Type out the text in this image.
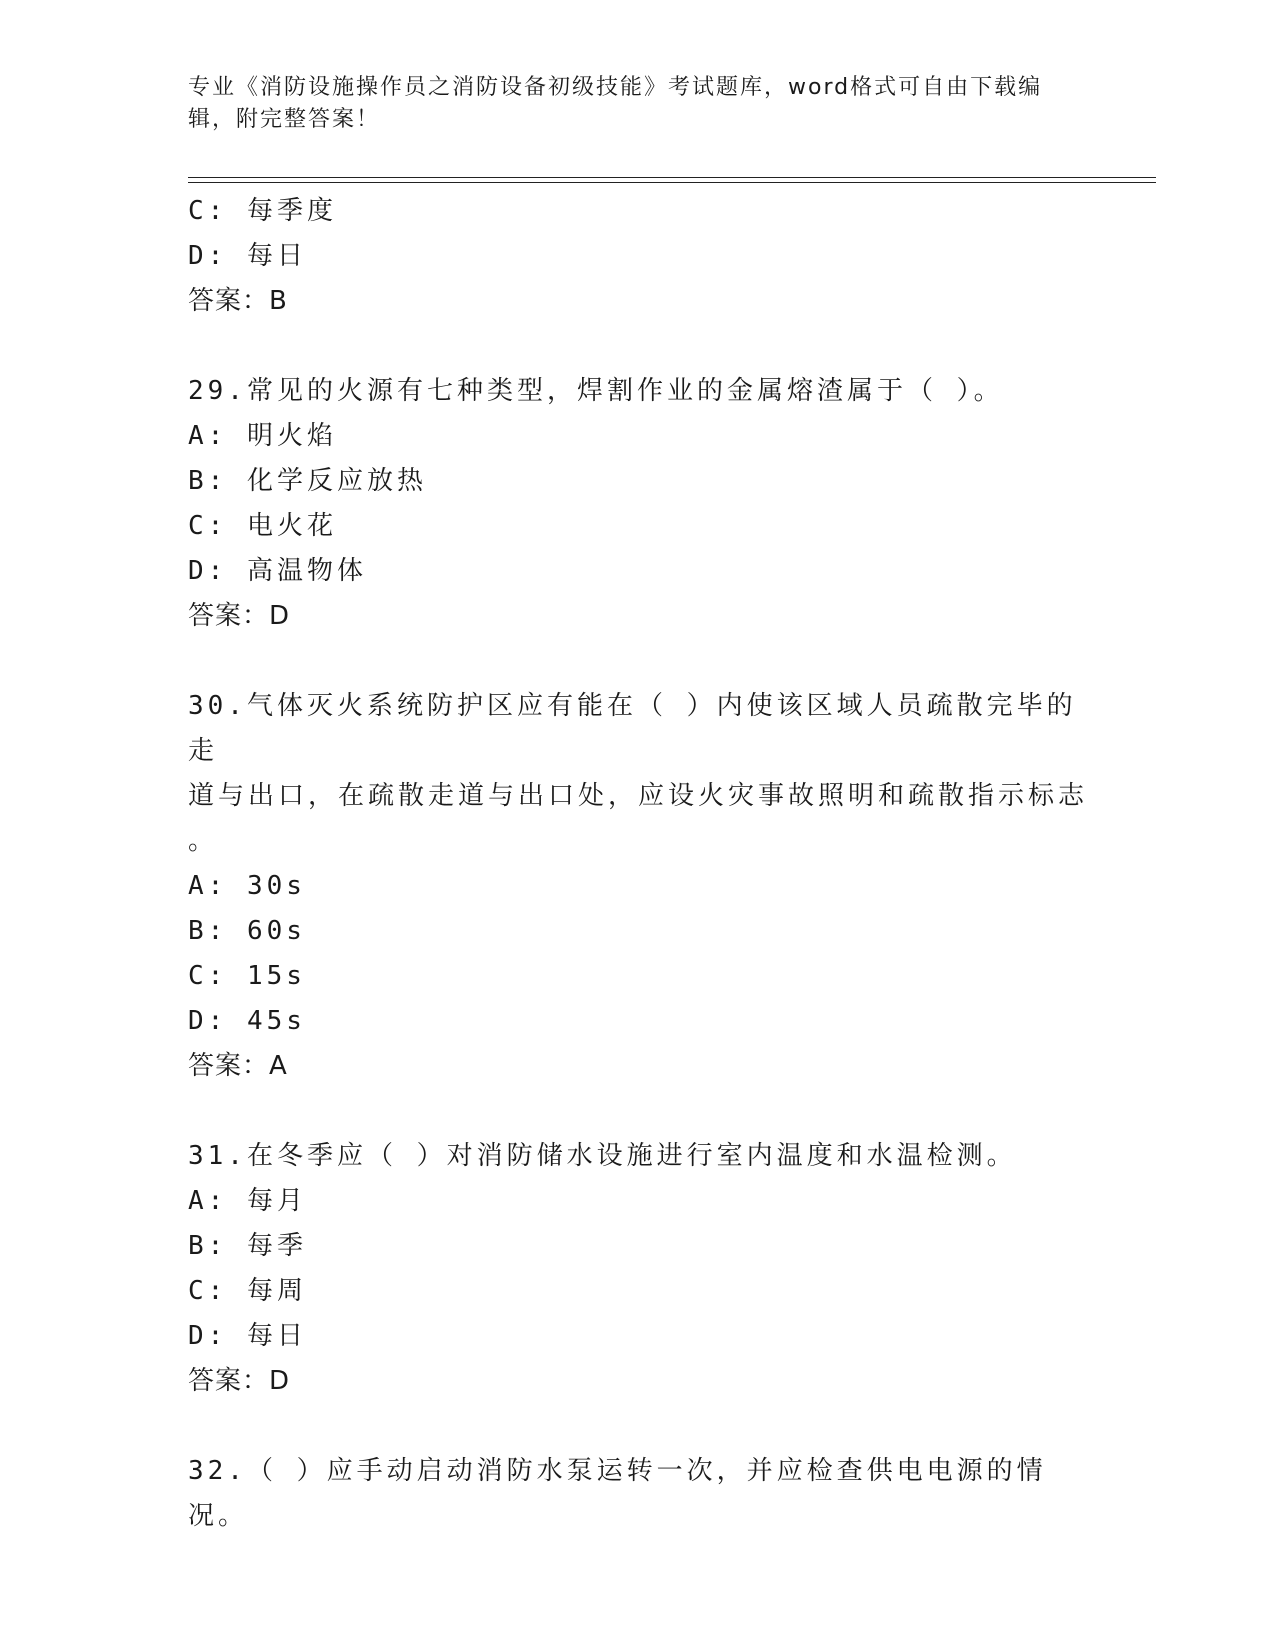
专业《消防设施操作员之消防设备初级技能》考试题库，word格式可自由下载编
辑，附完整答案！
C: 每季度
D: 每日
答案：B
29.常见的火源有七种类型，焊割作业的金属熔渣属于（ ）。
A: 明火焰
B: 化学反应放热
C: 电火花
D: 高温物体
答案：D
30.气体灭火系统防护区应有能在（ ）内使该区域人员疏散完毕的走
道与出口，在疏散走道与出口处，应设火灾事故照明和疏散指示标志
。
A: 30s
B: 60s
C: 15s
D: 45s
答案：A
31.在冬季应（ ）对消防储水设施进行室内温度和水温检测。
A: 每月
B: 每季
C: 每周
D: 每日
答案：D
32.（ ）应手动启动消防水泵运转一次，并应检查供电电源的情况。
